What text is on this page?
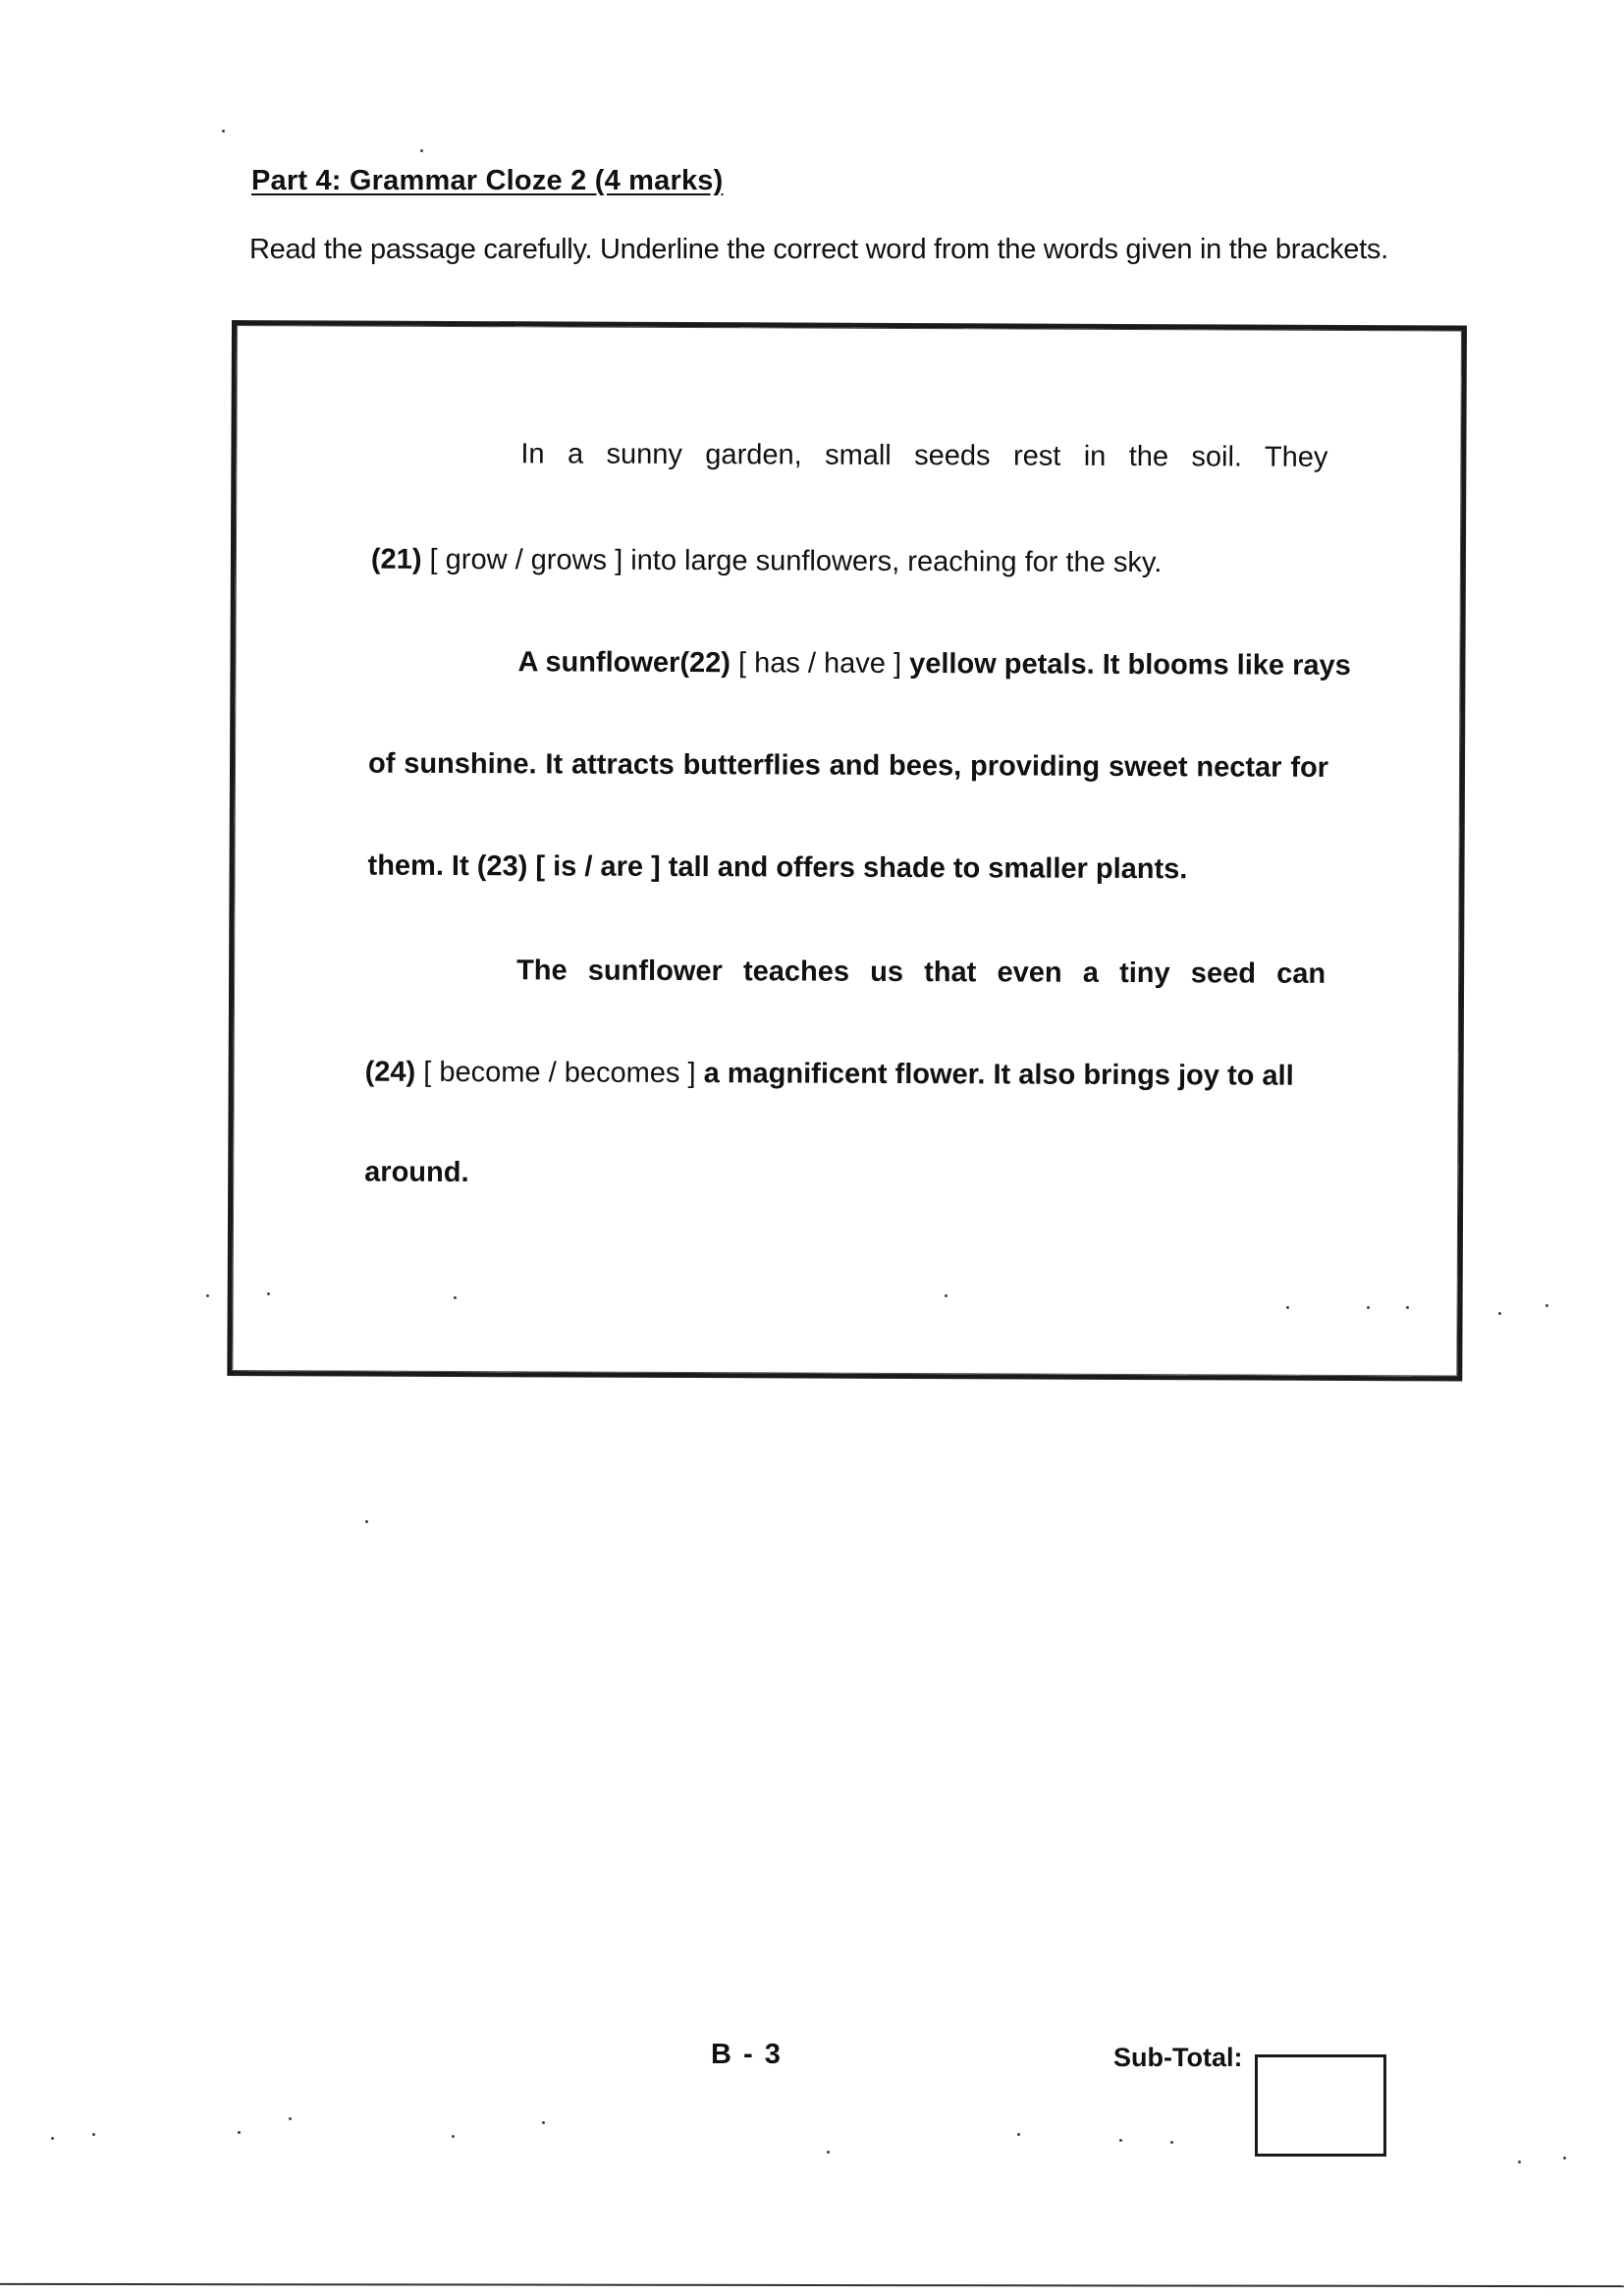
Part 4: Grammar Cloze 2 (4 marks)
Read the passage carefully. Underline the correct word from the words given in the brackets.
In a sunny garden, small seeds rest in the soil. They
(21) [ grow / grows ] into large sunflowers, reaching for the sky.
A sunflower(22) [ has / have ] yellow petals. It blooms like rays
of sunshine. It attracts butterflies and bees, providing sweet nectar for
them. It (23) [ is / are ] tall and offers shade to smaller plants.
The sunflower teaches us that even a tiny seed can
(24) [ become / becomes ] a magnificent flower. It also brings joy to all
around.
B - 3	Sub-Total:
